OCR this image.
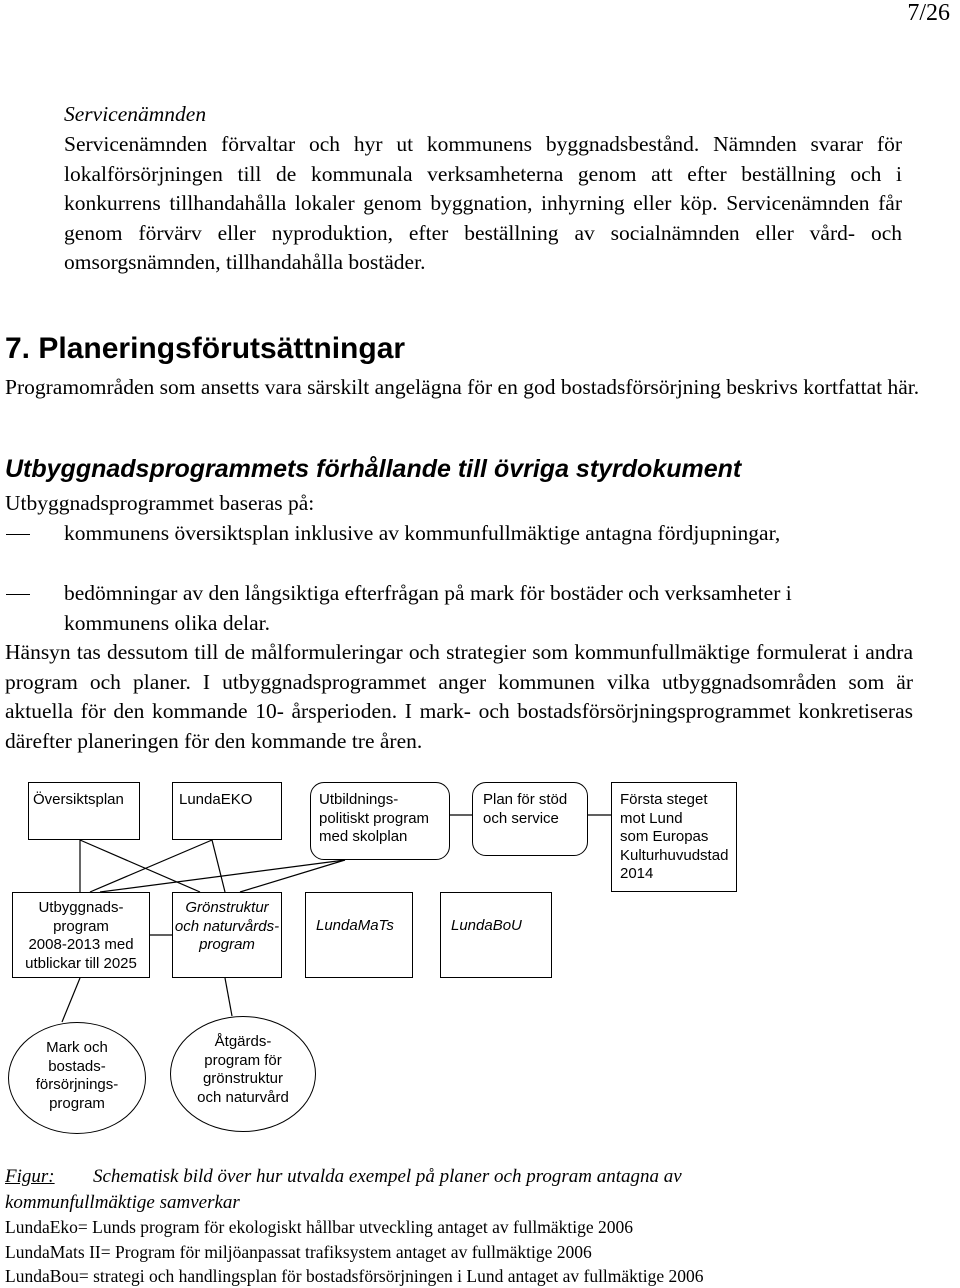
7/26
Servicenämnden
Servicenämnden förvaltar och hyr ut kommunens byggnadsbestånd. Nämnden svarar för lokalförsörjningen till de kommunala verksamheterna genom att efter beställning och i konkurrens tillhandahålla lokaler genom byggnation, inhyrning eller köp. Servicenämnden får genom förvärv eller nyproduktion, efter beställning av socialnämnden eller vård- och omsorgsnämnden, tillhandahålla bostäder.
7. Planeringsförutsättningar
Programområden som ansetts vara särskilt angelägna för en god bostadsförsörjning beskrivs kortfattat här.
Utbyggnadsprogrammets förhållande till övriga styrdokument
Utbyggnadsprogrammet baseras på:
kommunens översiktsplan inklusive av kommunfullmäktige antagna fördjupningar,
bedömningar av den långsiktiga efterfrågan på mark för bostäder och verksamheter i kommunens olika delar.
Hänsyn tas dessutom till de målformuleringar och strategier som kommunfullmäktige formulerat i andra program och planer. I utbyggnadsprogrammet anger kommunen vilka utbyggnadsområden som är aktuella för den kommande 10- årsperioden. I mark- och bostadsförsörjningsprogrammet konkretiseras därefter planeringen för den kommande tre åren.
Översiktsplan	LundaEKO	Utbildnings-
politiskt program
med skolplan
Plan för stöd
och service
Första steget
mot Lund
som Europas
Kulturhuvudstad
2014
Utbyggnads-
program
2008-2013 med
utblickar till 2025
Grönstruktur
och naturvårds-
program
LundaMaTs	LundaBoU
Mark och
bostads-
försörjnings-
program
Åtgärds-
program för
grönstruktur
och naturvård
Figur: Schematisk bild över hur utvalda exempel på planer och program antagna av
kommunfullmäktige samverkar
LundaEko= Lunds program för ekologiskt hållbar utveckling antaget av fullmäktige 2006
LundaMats II= Program för miljöanpassat trafiksystem antaget av fullmäktige 2006
LundaBou= strategi och handlingsplan för bostadsförsörjningen i Lund antaget av fullmäktige 2006
